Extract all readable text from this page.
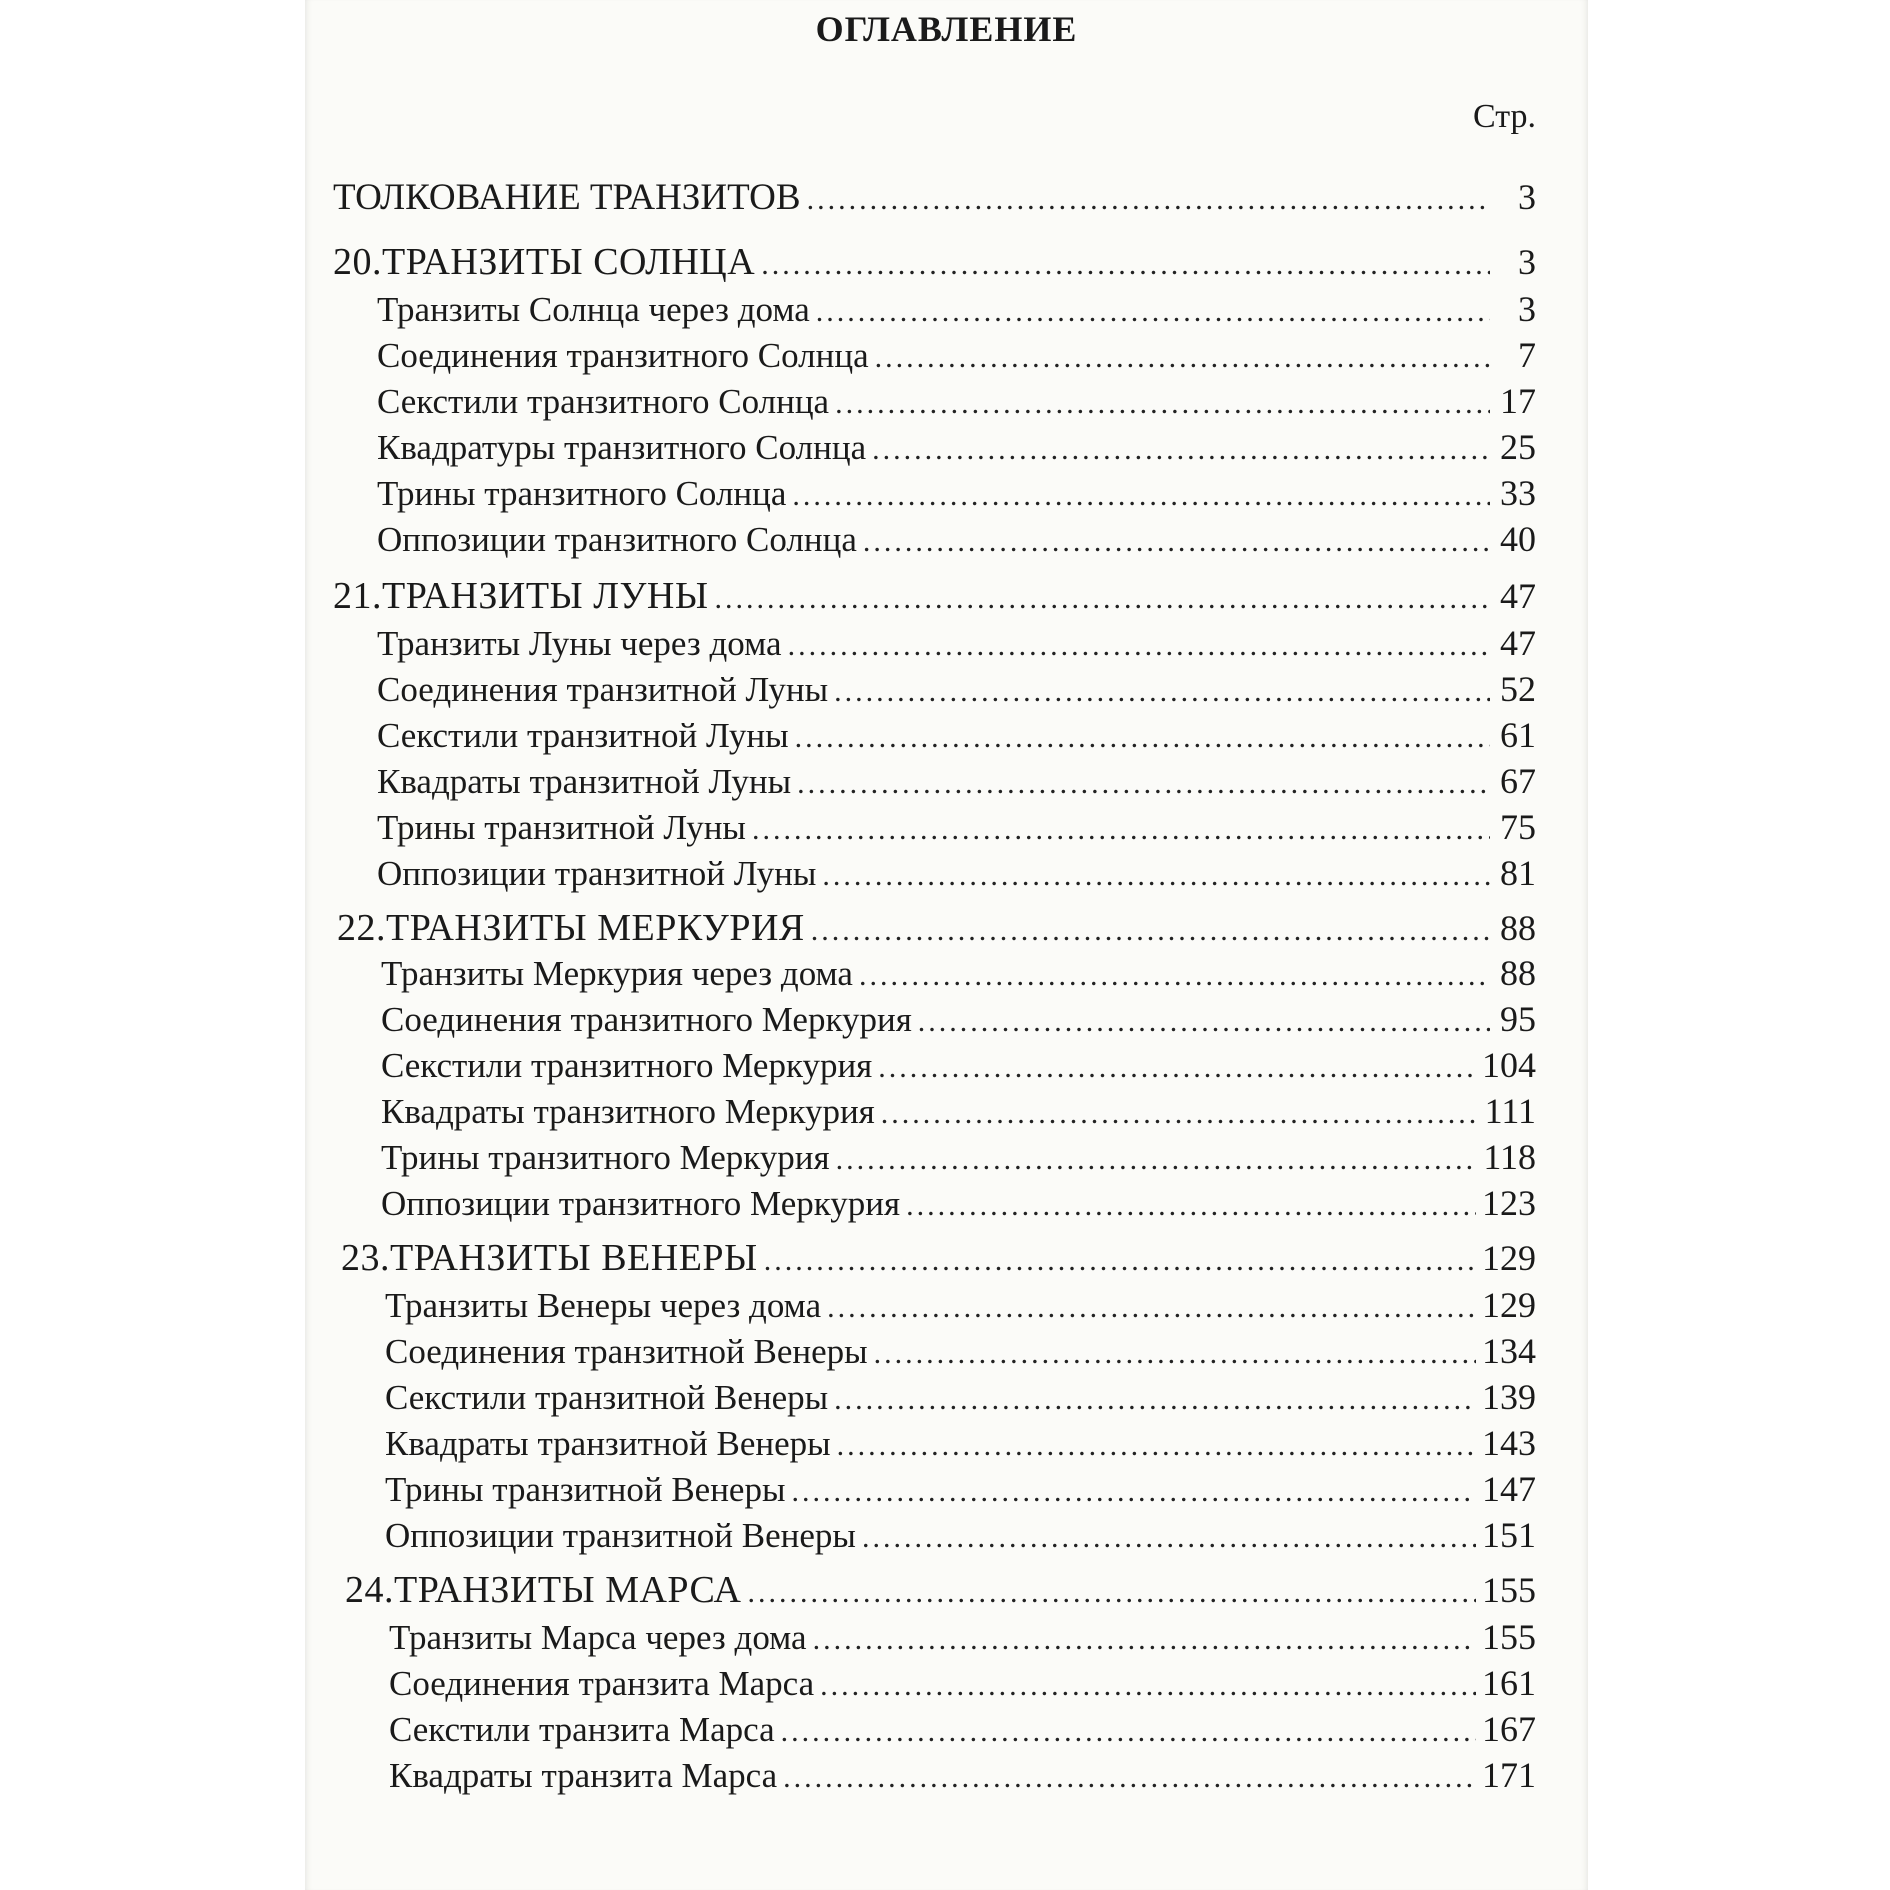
ОГЛАВЛЕНИЕ
Стр.
ТОЛКОВАНИЕ ТРАНЗИТОВ .....	3
20.ТРАНЗИТЫ СОЛНЦА .....	3
Транзиты Солнца через дома .....	3
Соединения транзитного Солнца .....	7
Секстили транзитного Солнца .....	17
Квадратуры транзитного Солнца .....	25
Трины транзитного Солнца .....	33
Оппозиции транзитного Солнца .....	40
21.ТРАНЗИТЫ ЛУНЫ .....	47
Транзиты Луны через дома .....	47
Соединения транзитной Луны .....	52
Секстили транзитной Луны .....	61
Квадраты транзитной Луны .....	67
Трины транзитной Луны .....	75
Оппозиции транзитной Луны .....	81
22.ТРАНЗИТЫ МЕРКУРИЯ .....	88
Транзиты Меркурия через дома .....	88
Соединения транзитного Меркурия .....	95
Секстили транзитного Меркурия .....	104
Квадраты транзитного Меркурия .....	111
Трины транзитного Меркурия .....	118
Оппозиции транзитного Меркурия .....	123
23.ТРАНЗИТЫ ВЕНЕРЫ .....	129
Транзиты Венеры через дома .....	129
Соединения транзитной Венеры .....	134
Секстили транзитной Венеры .....	139
Квадраты транзитной Венеры .....	143
Трины транзитной Венеры .....	147
Оппозиции транзитной Венеры .....	151
24.ТРАНЗИТЫ МАРСА .....	155
Транзиты Марса через дома .....	155
Соединения транзита Марса .....	161
Секстили транзита Марса .....	167
Квадраты транзита Марса .....	171
